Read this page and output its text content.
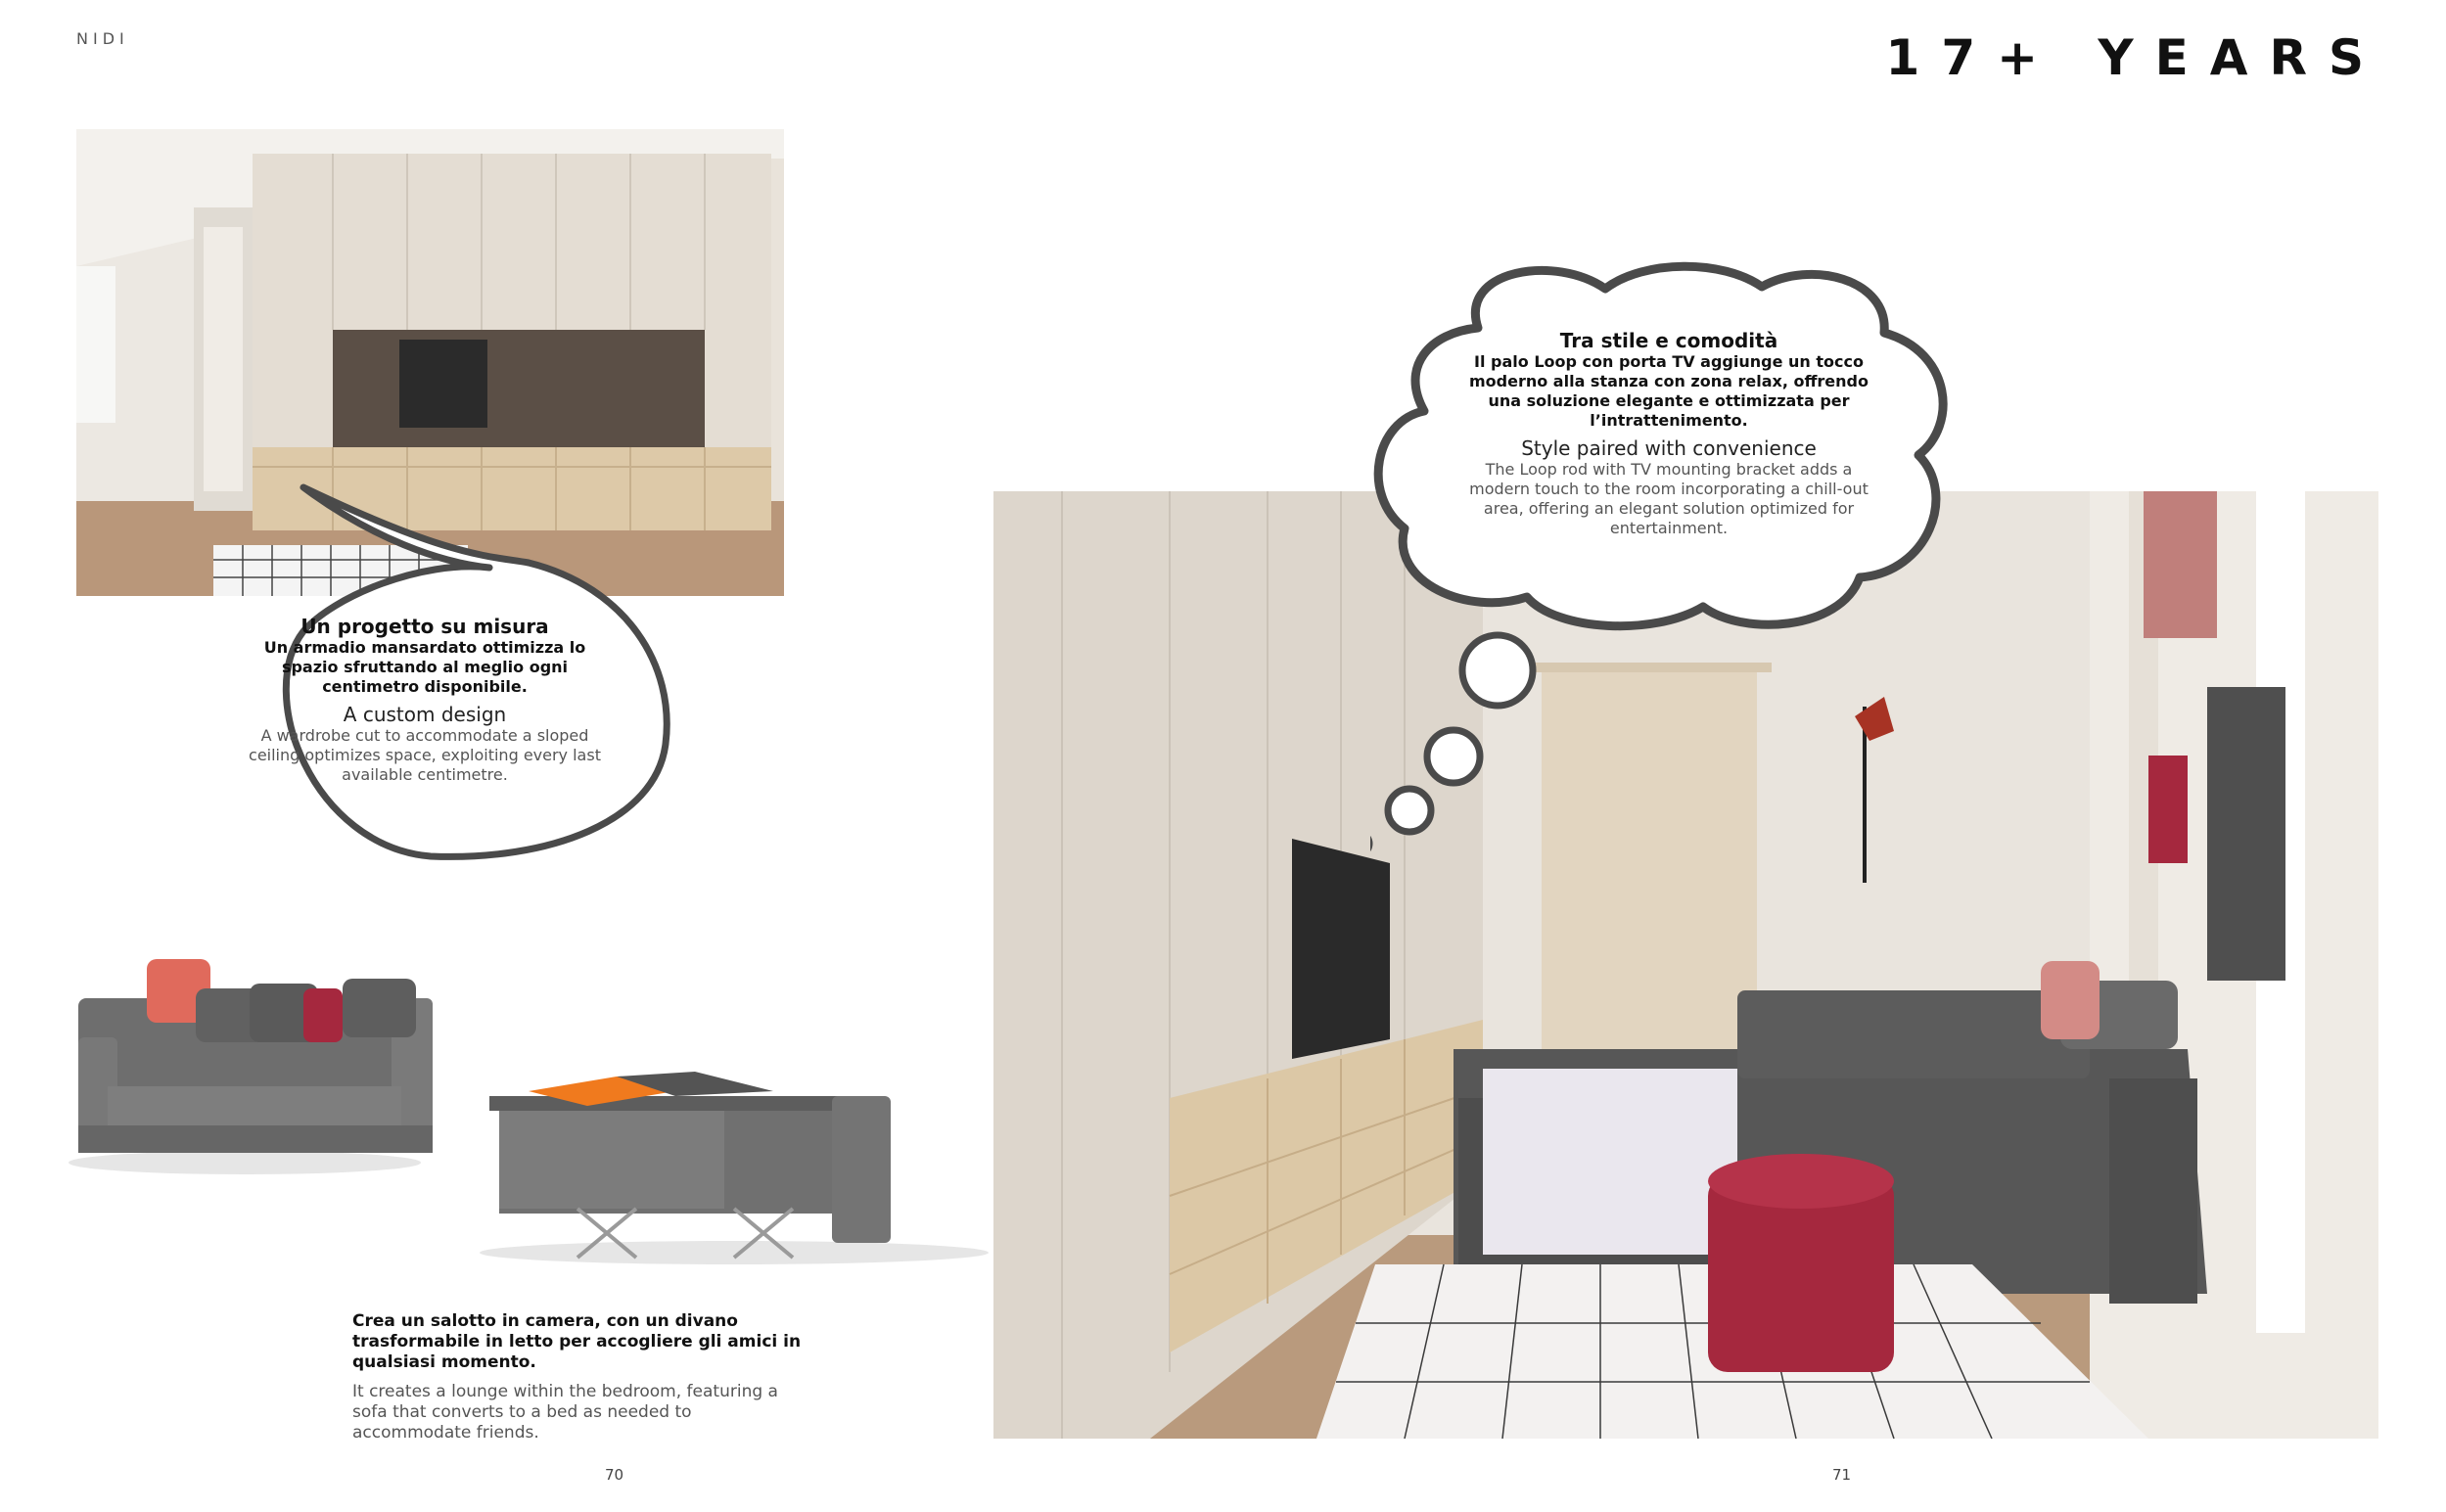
NIDI	17+ YEARS
Un progetto su misura
Un armadio mansardato ottimizza lo spazio sfruttando al meglio ogni centimetro disponibile.
A custom design
A wardrobe cut to accommodate a sloped ceiling optimizes space, exploiting every last available centimetre.
Crea un salotto in camera, con un divano trasformabile in letto per accogliere gli amici in qualsiasi momento.
It creates a lounge within the bedroom, featuring a sofa that converts to a bed as needed to accommodate friends.
Tra stile e comodità
Il palo Loop con porta TV aggiunge un tocco moderno alla stanza con zona relax, offrendo una soluzione elegante e ottimizzata per l’intrattenimento.
Style paired with convenience
The Loop rod with TV mounting bracket adds a modern touch to the room incorporating a chill-out area, offering an elegant solution optimized for entertainment.
70	71
